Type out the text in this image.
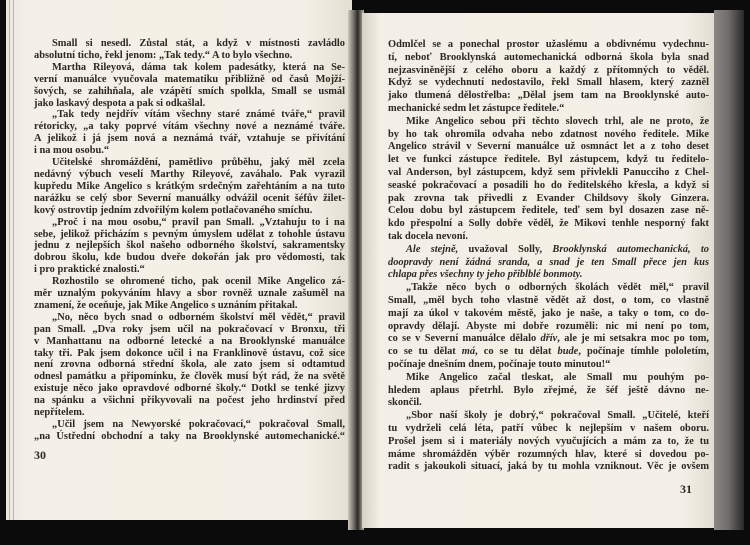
Small si nesedl. Zůstal stát, a když v místnosti zavládlo
absolutní ticho, řekl jenom: „Tak tedy.“ A to bylo všechno.
Martha Rileyová, dáma tak kolem padesátky, která na Se-
verní manuálce vyučovala matematiku přibližně od časů Mojží-
šových, se zahihňala, ale vzápětí smích spolkla, Small se usmál
jako laskavý despota a pak si odkašlal.
„Tak tedy nejdřív vítám všechny staré známé tváře,“ pravil
rétoricky, „a taky poprvé vítám všechny nové a neznámé tváře.
A jelikož i já jsem nová a neznámá tvář, vztahuje se přivítání
i na mou osobu.“
Učitelské shromáždění, pamětlivo průběhu, jaký měl zcela
nedávný výbuch veselí Marthy Rileyové, zaváhalo. Pak vyrazil
kupředu Mike Angelico s krátkým srdečným zařehtáním a na tuto
narážku se celý sbor Severní manuálky odvážil ocenit šéfův žilet-
kový ostrovtip jedním zdvořilým kolem potlačovaného smíchu.
„Proč i na mou osobu,“ pravil pan Small. „Vztahuju to i na
sebe, jelikož přicházím s pevným úmyslem udělat z tohohle ústavu
jednu z nejlepších škol našeho odborného školství, sakramentsky
dobrou školu, kde budou dveře dokořán jak pro vědomosti, tak
i pro praktické znalosti.“
Rozhostilo se ohromené ticho, pak ocenil Mike Angelico zá-
měr uznalým pokyváním hlavy a sbor rovněž uznale zašuměl na
znamení, že oceňuje, jak Mike Angelico s uznáním přitakal.
„No, něco bych snad o odborném školství měl vědět,“ pravil
pan Small. „Dva roky jsem učil na pokračovací v Bronxu, tři
v Manhattanu na odborné letecké a na Brooklynské manuálce
taky tři. Pak jsem dokonce učil i na Franklinově ústavu, což sice
není zrovna odborná střední škola, ale zato jsem si odtamtud
odnesl památku a připomínku, že člověk musí být rád, že na světě
existuje něco jako opravdové odborné školy.“ Dotkl se tenké jizvy
na spánku a všichni přikyvovali na počest jeho hrdinství před
nepřítelem.
„Učil jsem na Newyorské pokračovací,“ pokračoval Small,
„na Ústřední obchodní a taky na Brooklynské automechanické.“
30
Odmlčel se a ponechal prostor užaslému a obdivnému vydechnu-
tí, neboť Brooklynská automechanická odborná škola byla snad
nejzasviněnější z celého oboru a každý z přítomných to věděl.
Když se vydechnutí nedostavilo, řekl Small hlasem, který zazněl
jako tlumená dělostřelba: „Dělal jsem tam na Brooklynské auto-
mechanické sedm let zástupce ředitele.“
Mike Angelico sebou při těchto slovech trhl, ale ne proto, že
by ho tak ohromila odvaha nebo zdatnost nového ředitele. Mike
Angelico strávil v Severní manuálce už osmnáct let a z toho deset
let ve funkci zástupce ředitele. Byl zástupcem, když tu ředitelo-
val Anderson, byl zástupcem, když sem přivlekli Panucciho z Chel-
seaské pokračovací a posadili ho do ředitelského křesla, a když si
pak zrovna tak přivedli z Evander Childsovy školy Ginzera.
Celou dobu byl zástupcem ředitele, teď sem byl dosazen zase ně-
kdo přespolní a Solly dobře věděl, že Mikovi tenhle nesporný fakt
tak docela nevoní.
Ale stejně, uvažoval Solly, Brooklynská automechanická, to
doopravdy není žádná sranda, a snad je ten Small přece jen kus
chlapa přes všechny ty jeho přiblblé bonmoty.
„Takže něco bych o odborných školách vědět měl,“ pravil
Small, „měl bych toho vlastně vědět až dost, o tom, co vlastně
mají za úkol v takovém městě, jako je naše, a taky o tom, co do-
opravdy dělají. Abyste mi dobře rozuměli: nic mi není po tom,
co se v Severní manuálce dělalo dřív, ale je mi setsakra moc po tom,
co se tu dělat má, co se tu dělat bude, počínaje tímhle pololetím,
počínaje dnešním dnem, počínaje touto minutou!“
Mike Angelico začal tleskat, ale Small mu pouhým po-
hledem aplaus přetrhl. Bylo zřejmé, že šéf ještě dávno ne-
skončil.
„Sbor naší školy je dobrý,“ pokračoval Small. „Učitelé, kteří
tu vydrželi celá léta, patří vůbec k nejlepším v našem oboru.
Prošel jsem si i materiály nových vyučujících a mám za to, že tu
máme shromážděn výběr rozumných hlav, které si dovedou po-
radit s jakoukoli situací, jaká by tu mohla vzniknout. Věc je ovšem
31
